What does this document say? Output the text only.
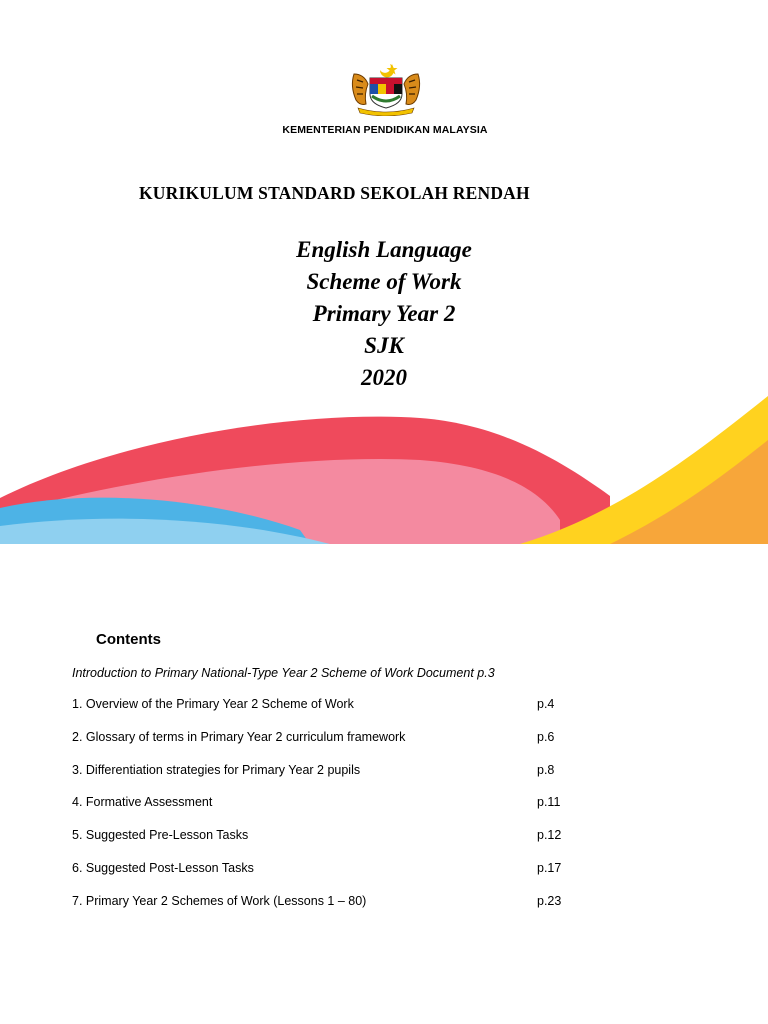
KEMENTERIAN PENDIDIKAN MALAYSIA
KURIKULUM STANDARD SEKOLAH RENDAH
English Language
Scheme of Work
Primary Year 2
SJK
2020
Contents
Introduction to Primary National-Type Year 2 Scheme of Work Document p.3
1. Overview of the Primary Year 2 Scheme of Work	p.4
2. Glossary of terms in Primary Year 2 curriculum framework	p.6
3. Differentiation strategies for Primary Year 2 pupils	p.8
4. Formative Assessment	p.11
5. Suggested Pre-Lesson Tasks	p.12
6. Suggested Post-Lesson Tasks	p.17
7. Primary Year 2 Schemes of Work (Lessons 1 – 80)	p.23
